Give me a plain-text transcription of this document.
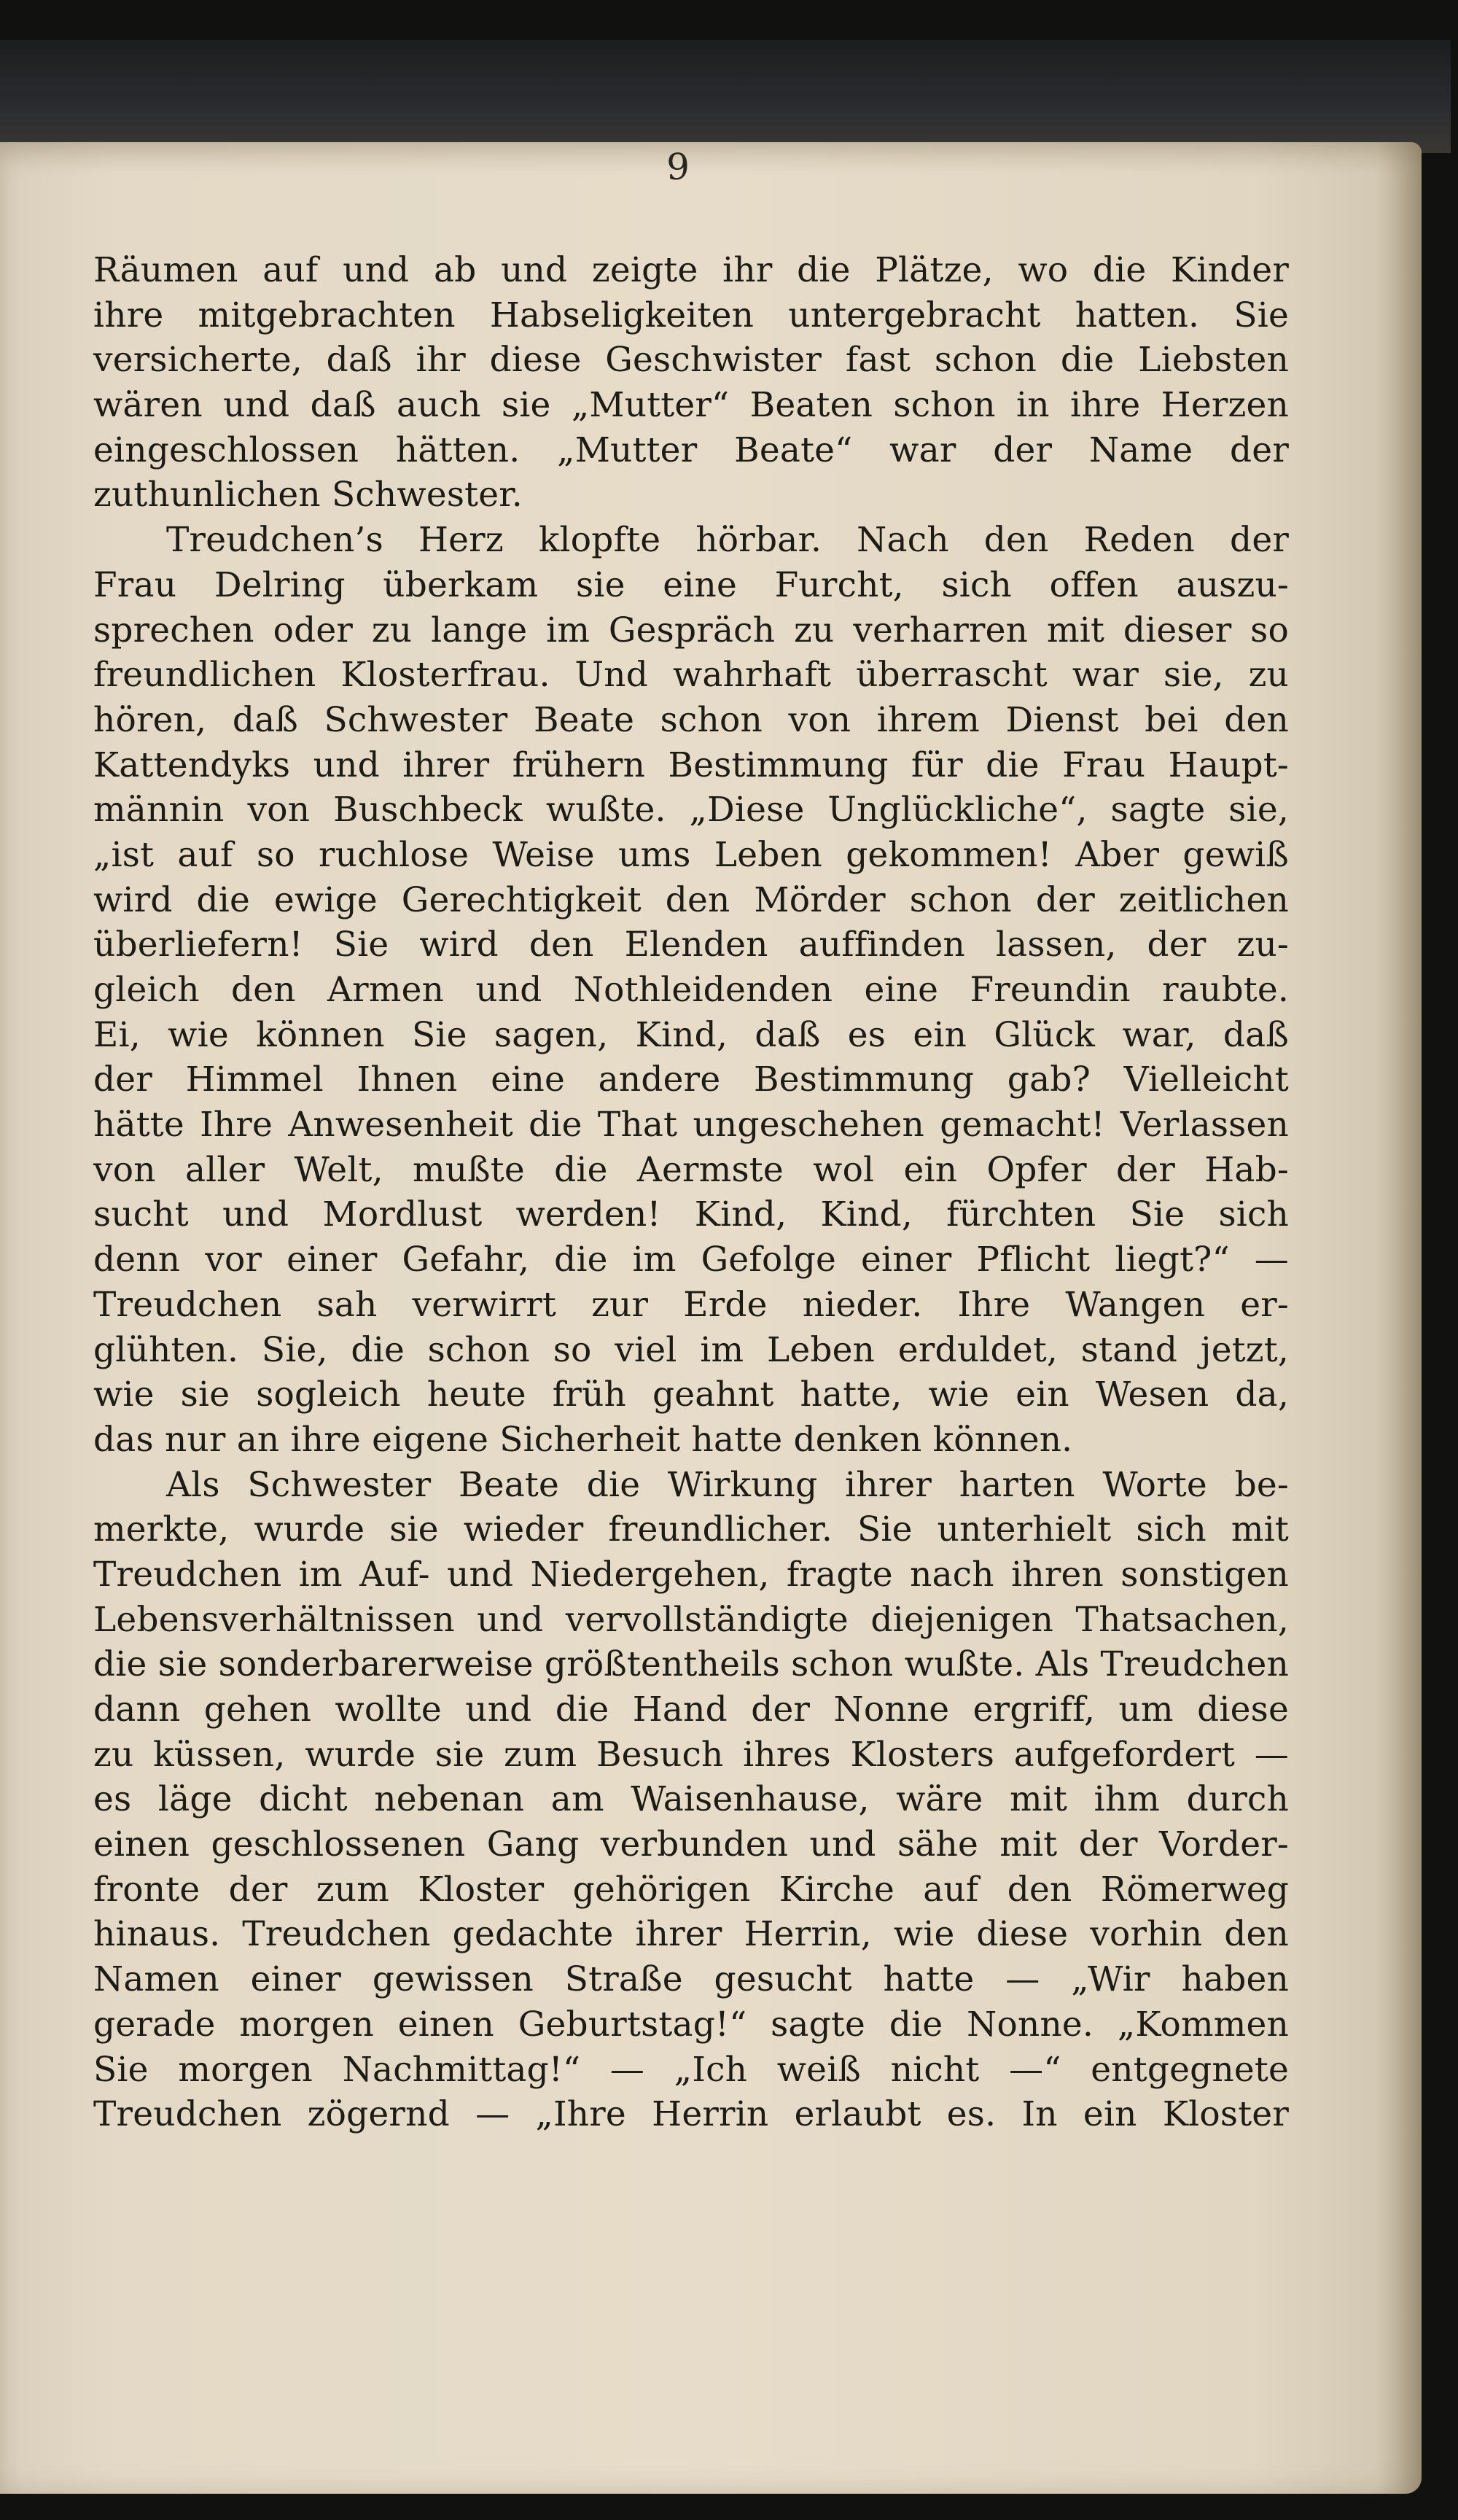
9
Räumen auf und ab und zeigte ihr die Plätze, wo die Kinder
ihre mitgebrachten Habseligkeiten untergebracht hatten. Sie
versicherte, daß ihr diese Geschwister fast schon die Liebsten
wären und daß auch sie „Mutter“ Beaten schon in ihre Herzen
eingeschlossen hätten. „Mutter Beate“ war der Name der
zuthunlichen Schwester.
Treudchen’s Herz klopfte hörbar. Nach den Reden der
Frau Delring überkam sie eine Furcht, sich offen auszu-
sprechen oder zu lange im Gespräch zu verharren mit dieser so
freundlichen Klosterfrau. Und wahrhaft überrascht war sie, zu
hören, daß Schwester Beate schon von ihrem Dienst bei den
Kattendyks und ihrer frühern Bestimmung für die Frau Haupt-
männin von Buschbeck wußte. „Diese Unglückliche“, sagte sie,
„ist auf so ruchlose Weise ums Leben gekommen! Aber gewiß
wird die ewige Gerechtigkeit den Mörder schon der zeitlichen
überliefern! Sie wird den Elenden auffinden lassen, der zu-
gleich den Armen und Nothleidenden eine Freundin raubte.
Ei, wie können Sie sagen, Kind, daß es ein Glück war, daß
der Himmel Ihnen eine andere Bestimmung gab? Vielleicht
hätte Ihre Anwesenheit die That ungeschehen gemacht! Verlassen
von aller Welt, mußte die Aermste wol ein Opfer der Hab-
sucht und Mordlust werden! Kind, Kind, fürchten Sie sich
denn vor einer Gefahr, die im Gefolge einer Pflicht liegt?“ —
Treudchen sah verwirrt zur Erde nieder. Ihre Wangen er-
glühten. Sie, die schon so viel im Leben erduldet, stand jetzt,
wie sie sogleich heute früh geahnt hatte, wie ein Wesen da,
das nur an ihre eigene Sicherheit hatte denken können.
Als Schwester Beate die Wirkung ihrer harten Worte be-
merkte, wurde sie wieder freundlicher. Sie unterhielt sich mit
Treudchen im Auf- und Niedergehen, fragte nach ihren sonstigen
Lebensverhältnissen und vervollständigte diejenigen Thatsachen,
die sie sonderbarerweise größtentheils schon wußte. Als Treudchen
dann gehen wollte und die Hand der Nonne ergriff, um diese
zu küssen, wurde sie zum Besuch ihres Klosters aufgefordert —
es läge dicht nebenan am Waisenhause, wäre mit ihm durch
einen geschlossenen Gang verbunden und sähe mit der Vorder-
fronte der zum Kloster gehörigen Kirche auf den Römerweg
hinaus. Treudchen gedachte ihrer Herrin, wie diese vorhin den
Namen einer gewissen Straße gesucht hatte — „Wir haben
gerade morgen einen Geburtstag!“ sagte die Nonne. „Kommen
Sie morgen Nachmittag!“ — „Ich weiß nicht —“ entgegnete
Treudchen zögernd — „Ihre Herrin erlaubt es. In ein Kloster
